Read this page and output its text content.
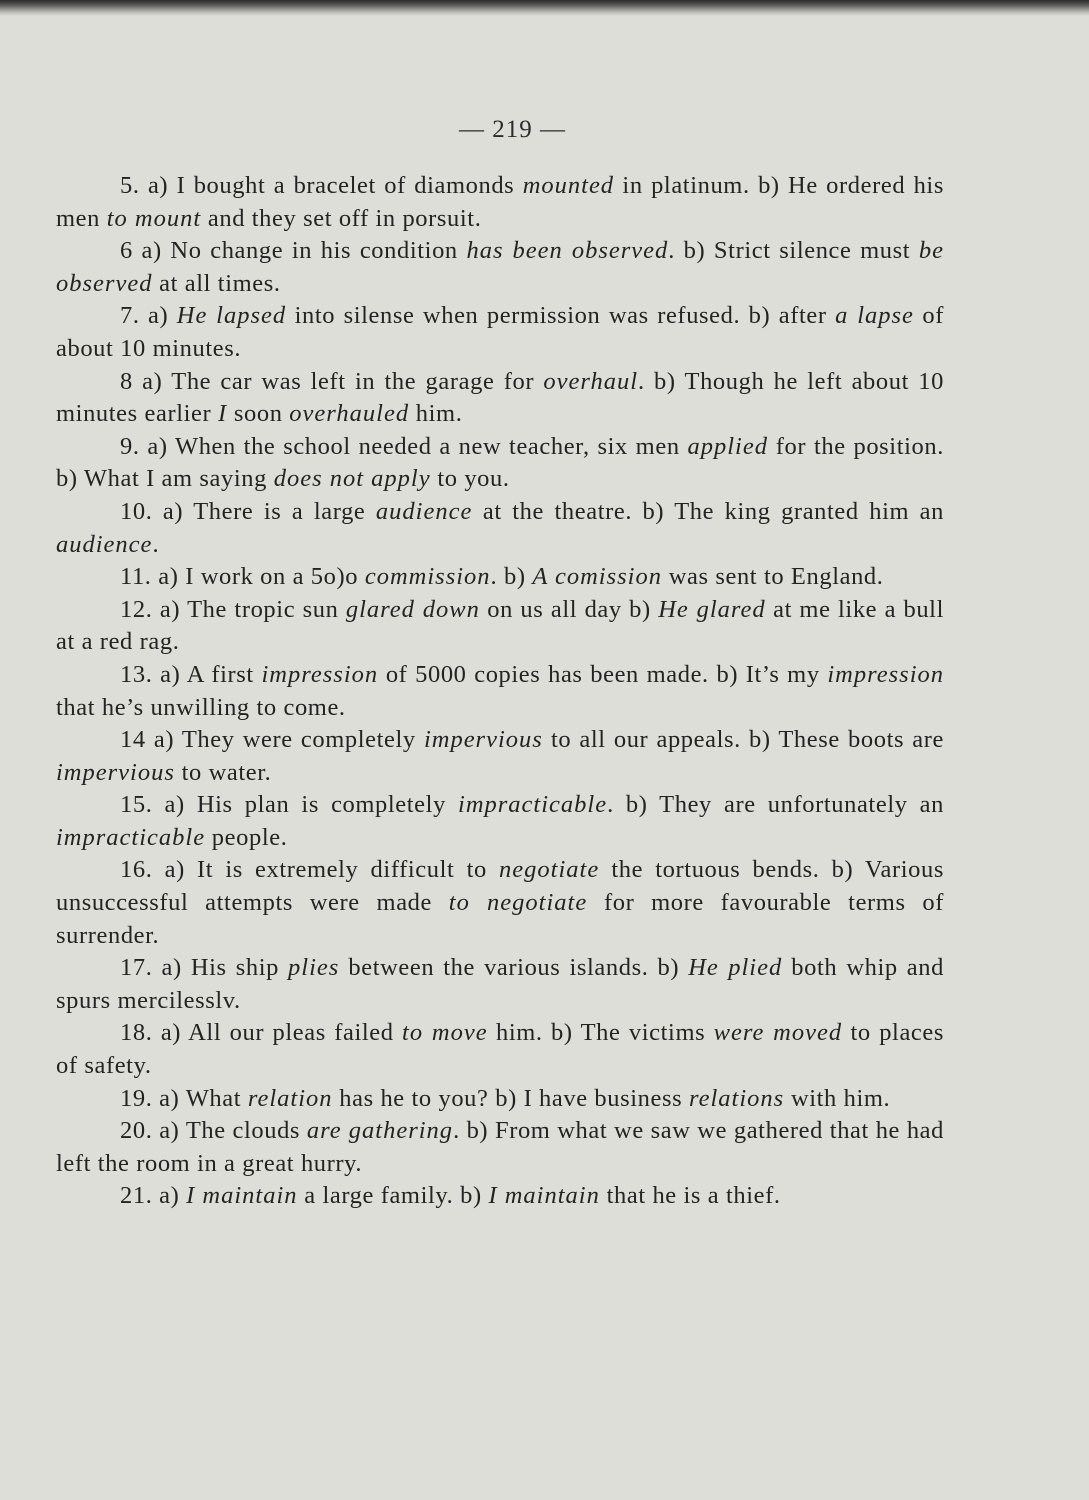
— 219 —

5. a) I bought a bracelet of diamonds mounted in platinum. b) He ordered his men to mount and they set off in porsuit.

6 a) No change in his condition has been observed. b) Strict silence must be observed at all times.

7. a) He lapsed into silense when permission was refused. b) after a lapse of about 10 minutes.

8 a) The car was left in the garage for overhaul. b) Though he left about 10 minutes earlier I soon overhauled him.

9. a) When the school needed a new teacher, six men applied for the position. b) What I am saying does not apply to you.

10. a) There is a large audience at the theatre. b) The king granted him an audience.

11. a) I work on a 5o)o commission. b) A comission was sent to England.

12. a) The tropic sun glared down on us all day b) He glared at me like a bull at a red rag.

13. a) A first impression of 5000 copies has been made. b) It’s my impression that he’s unwilling to come.

14 a) They were completely impervious to all our appeals. b) These boots are impervious to water.

15. a) His plan is completely impracticable. b) They are unfortunately an impracticable people.

16. a) It is extremely difficult to negotiate the tortuous bends. b) Various unsuccessful attempts were made to negotiate for more favourable terms of surrender.

17. a) His ship plies between the various islands. b) He plied both whip and spurs mercilesslv.

18. a) All our pleas failed to move him. b) The victims were moved to places of safety.

19. a) What relation has he to you? b) I have business relations with him.

20. a) The clouds are gathering. b) From what we saw we gathered that he had left the room in a great hurry.

21. a) I maintain a large family. b) I maintain that he is a thief.
